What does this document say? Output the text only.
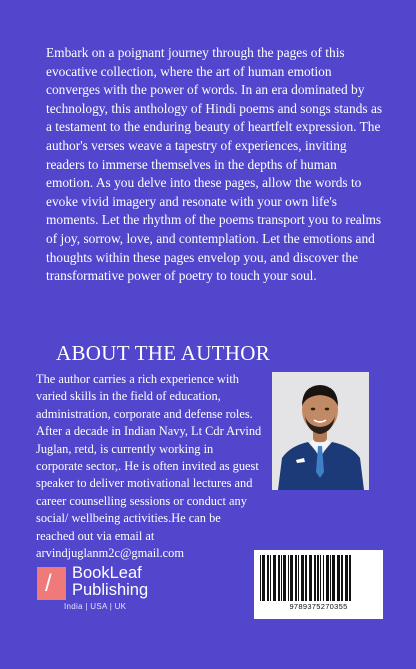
Embark on a poignant journey through the pages of this evocative collection, where the art of human emotion converges with the power of words. In an era dominated by technology, this anthology of Hindi poems and songs stands as a testament to the enduring beauty of heartfelt expression. The author's verses weave a tapestry of experiences, inviting readers to immerse themselves in the depths of human emotion. As you delve into these pages, allow the words to evoke vivid imagery and resonate with your own life's moments. Let the rhythm of the poems transport you to realms of joy, sorrow, love, and contemplation. Let the emotions and thoughts within these pages envelop you, and discover the transformative power of poetry to touch your soul.

ABOUT THE AUTHOR

The author carries a rich experience with varied skills in the field of education, administration, corporate and defense roles. After a decade in Indian Navy, Lt Cdr Arvind Juglan, retd, is currently working in corporate sector,. He is often invited as guest speaker to deliver motivational lectures and career counselling sessions or conduct any social/ wellbeing activities.He can be reached out via email at arvindjuglanm2c@gmail.com

/ BookLeaf
Publishing
India | USA | UK	9789375270355
